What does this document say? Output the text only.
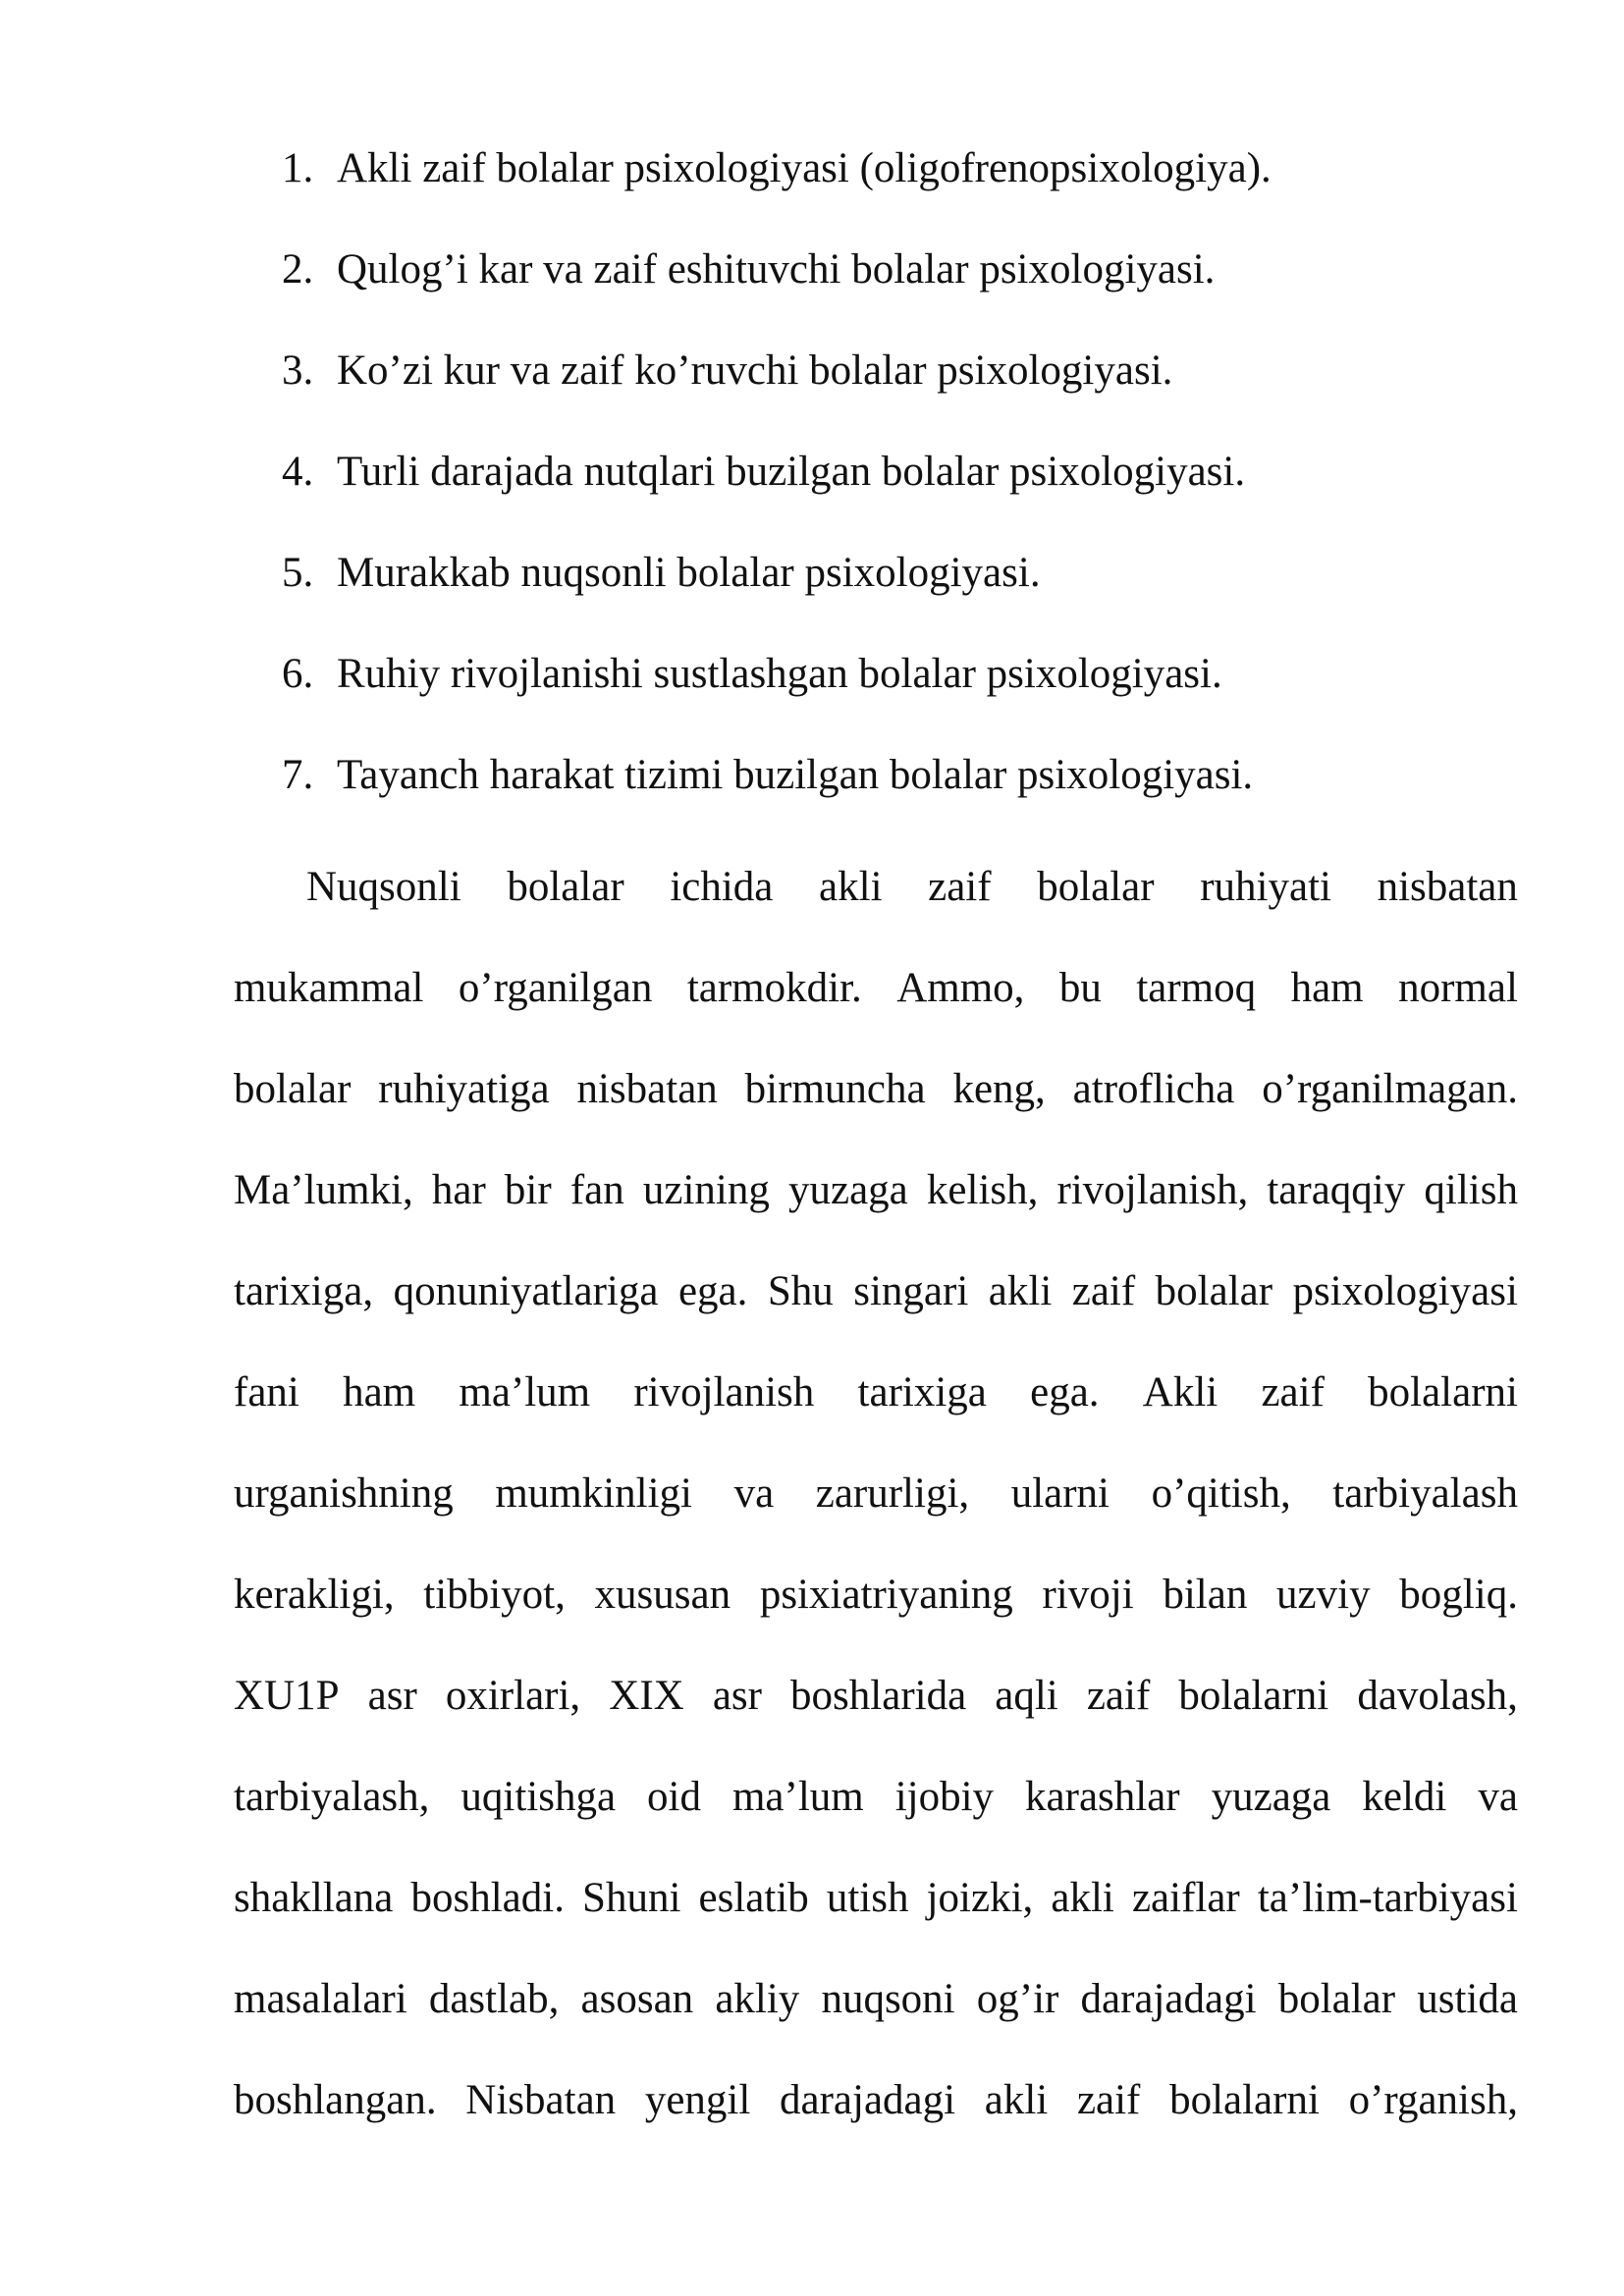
1. Akli zaif bolalar psixologiyasi (oligofrenopsixologiya).
2. Qulog’i kar va zaif eshituvchi bolalar psixologiyasi.
3. Ko’zi kur va zaif ko’ruvchi bolalar psixologiyasi.
4. Turli darajada nutqlari buzilgan bolalar psixologiyasi.
5. Murakkab nuqsonli bolalar psixologiyasi.
6. Ruhiy rivojlanishi sustlashgan bolalar psixologiyasi.
7. Tayanch harakat tizimi buzilgan bolalar psixologiyasi.
Nuqsonli bolalar ichida akli zaif bolalar ruhiyati nisbatan
mukammal o’rganilgan tarmokdir. Ammo, bu tarmoq ham normal
bolalar ruhiyatiga nisbatan birmuncha keng, atroflicha o’rganilmagan.
Ma’lumki, har bir fan uzining yuzaga kelish, rivojlanish, taraqqiy qilish
tarixiga, qonuniyatlariga ega. Shu singari akli zaif bolalar psixologiyasi
fani ham ma’lum rivojlanish tarixiga ega. Akli zaif bolalarni
urganishning mumkinligi va zarurligi, ularni o’qitish, tarbiyalash
kerakligi, tibbiyot, xususan psixiatriyaning rivoji bilan uzviy bogliq.
XU1P asr oxirlari, XIX asr boshlarida aqli zaif bolalarni davolash,
tarbiyalash, uqitishga oid ma’lum ijobiy karashlar yuzaga keldi va
shakllana boshladi. Shuni eslatib utish joizki, akli zaiflar ta’lim-tarbiyasi
masalalari dastlab, asosan akliy nuqsoni og’ir darajadagi bolalar ustida
boshlangan. Nisbatan yengil darajadagi akli zaif bolalarni o’rganish,
